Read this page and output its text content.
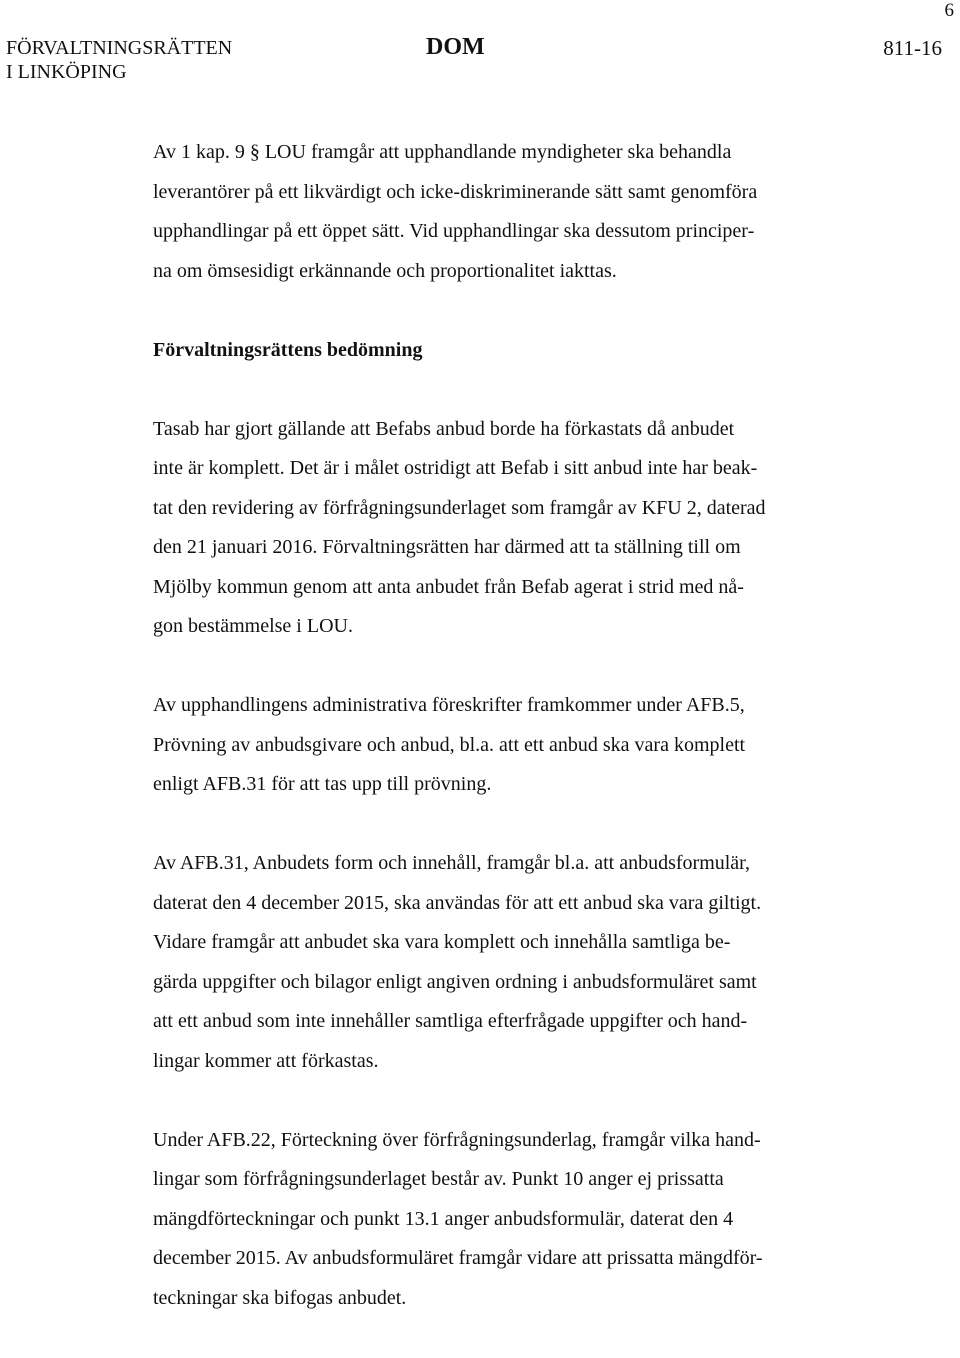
6
FÖRVALTNINGSRÄTTEN
I LINKÖPING
DOM	811-16
Av 1 kap. 9 § LOU framgår att upphandlande myndigheter ska behandla
leverantörer på ett likvärdigt och icke-diskriminerande sätt samt genomföra
upphandlingar på ett öppet sätt. Vid upphandlingar ska dessutom principer-
na om ömsesidigt erkännande och proportionalitet iakttas.
Förvaltningsrättens bedömning
Tasab har gjort gällande att Befabs anbud borde ha förkastats då anbudet
inte är komplett. Det är i målet ostridigt att Befab i sitt anbud inte har beak-
tat den revidering av förfrågningsunderlaget som framgår av KFU 2, daterad
den 21 januari 2016. Förvaltningsrätten har därmed att ta ställning till om
Mjölby kommun genom att anta anbudet från Befab agerat i strid med nå-
gon bestämmelse i LOU.
Av upphandlingens administrativa föreskrifter framkommer under AFB.5,
Prövning av anbudsgivare och anbud, bl.a. att ett anbud ska vara komplett
enligt AFB.31 för att tas upp till prövning.
Av AFB.31, Anbudets form och innehåll, framgår bl.a. att anbudsformulär,
daterat den 4 december 2015, ska användas för att ett anbud ska vara giltigt.
Vidare framgår att anbudet ska vara komplett och innehålla samtliga be-
gärda uppgifter och bilagor enligt angiven ordning i anbudsformuläret samt
att ett anbud som inte innehåller samtliga efterfrågade uppgifter och hand-
lingar kommer att förkastas.
Under AFB.22, Förteckning över förfrågningsunderlag, framgår vilka hand-
lingar som förfrågningsunderlaget består av. Punkt 10 anger ej prissatta
mängdförteckningar och punkt 13.1 anger anbudsformulär, daterat den 4
december 2015. Av anbudsformuläret framgår vidare att prissatta mängdför-
teckningar ska bifogas anbudet.
